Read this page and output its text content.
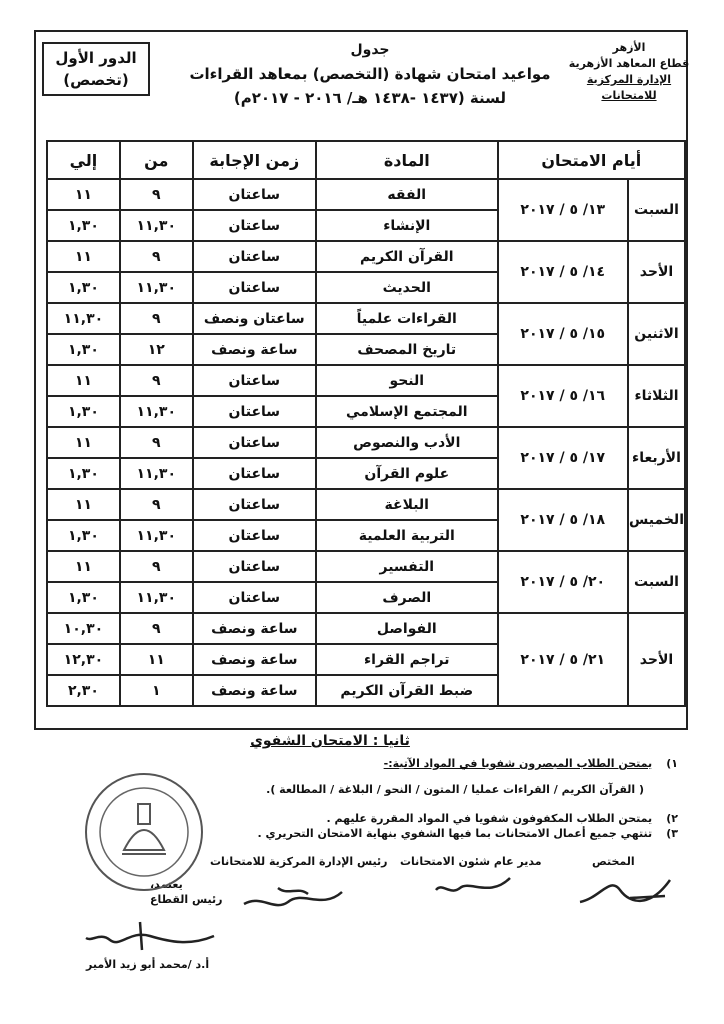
الأزهر
قطاع المعاهد الأزهرية
الإدارة المركزية للامتحانات
جدول
مواعيد امتحان شهادة (التخصص) بمعاهد القراءات
لسنة (١٤٣٧ -١٤٣٨ هـ/ ٢٠١٦ - ٢٠١٧م)
الدور الأول
(تخصص)
أيام الامتحان		المادة	زمن الإجابة	من	إلي
السبت	١٣/ ٥ / ٢٠١٧	الفقه	ساعتان	٩	١١
		الإنشاء	ساعتان	١١,٣٠	١,٣٠
الأحد	١٤/ ٥ / ٢٠١٧	القرآن الكريم	ساعتان	٩	١١
		الحديث	ساعتان	١١,٣٠	١,٣٠
الاثنين	١٥/ ٥ / ٢٠١٧	القراءات علمياً	ساعتان ونصف	٩	١١,٣٠
		تاريخ المصحف	ساعة ونصف	١٢	١,٣٠
الثلاثاء	١٦/ ٥ / ٢٠١٧	النحو	ساعتان	٩	١١
		المجتمع الإسلامي	ساعتان	١١,٣٠	١,٣٠
الأربعاء	١٧/ ٥ / ٢٠١٧	الأدب والنصوص	ساعتان	٩	١١
		علوم القرآن	ساعتان	١١,٣٠	١,٣٠
الخميس	١٨/ ٥ / ٢٠١٧	البلاغة	ساعتان	٩	١١
		التربية العلمية	ساعتان	١١,٣٠	١,٣٠
السبت	٢٠/ ٥ / ٢٠١٧	التفسير	ساعتان	٩	١١
		الصرف	ساعتان	١١,٣٠	١,٣٠
الأحد	٢١/ ٥ / ٢٠١٧	الفواصل	ساعة ونصف	٩	١٠,٣٠
		تراجم القراء	ساعة ونصف	١١	١٢,٣٠
		ضبط القرآن الكريم	ساعة ونصف	١	٢,٣٠
ثانيا : الامتحان الشفوي
١) يمتحن الطلاب المبصرون شفويا في المواد الآتية:-
( القرآن الكريم / القراءات عمليا / المتون / النحو / البلاغة / المطالعة ).
٢) يمتحن الطلاب المكفوفون شفويا في المواد المقررة عليهم .
٣) تنتهي جميع أعمال الامتحانات بما فيها الشفوي بنهاية الامتحان التحريري .
المختص
مدير عام شئون الامتحانات
رئيس الإدارة المركزية للامتحانات
يعتمد،
رئيس القطاع
أ.د /محمد أبو زيد الأمير
